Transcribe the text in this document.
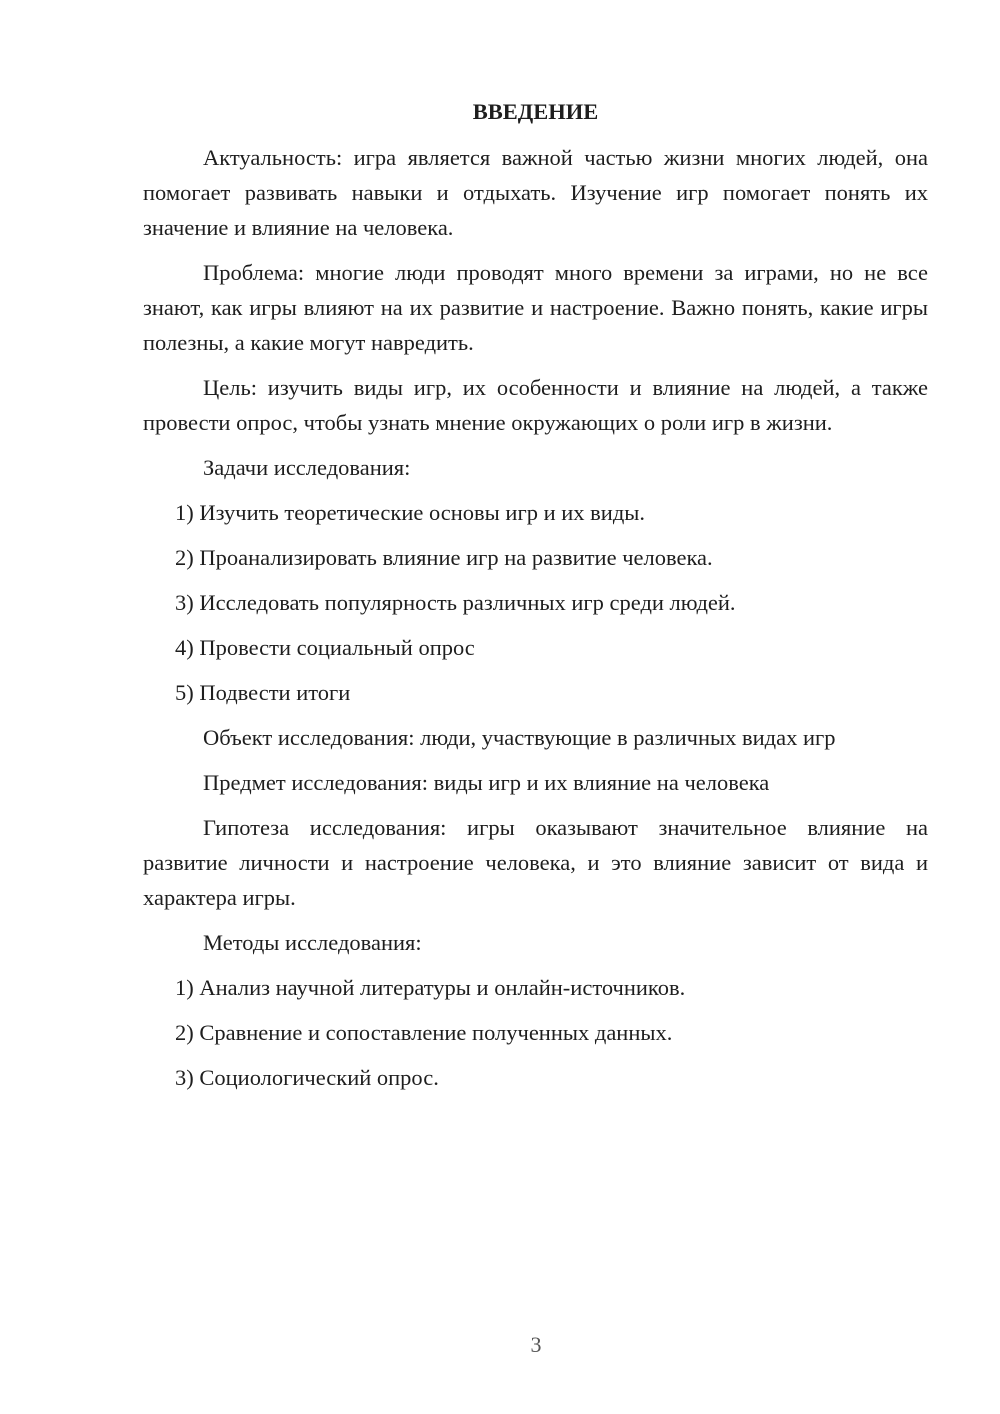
ВВЕДЕНИЕ

Актуальность: игра является важной частью жизни многих людей, она помогает развивать навыки и отдыхать. Изучение игр помогает понять их значение и влияние на человека.

Проблема: многие люди проводят много времени за играми, но не все знают, как игры влияют на их развитие и настроение. Важно понять, какие игры полезны, а какие могут навредить.

Цель: изучить виды игр, их особенности и влияние на людей, а также провести опрос, чтобы узнать мнение окружающих о роли игр в жизни.

Задачи исследования:

1) Изучить теоретические основы игр и их виды.

2) Проанализировать влияние игр на развитие человека.

3) Исследовать популярность различных игр среди людей.

4) Провести социальный опрос

5) Подвести итоги

Объект исследования: люди, участвующие в различных видах игр

Предмет исследования: виды игр и их влияние на человека

Гипотеза исследования: игры оказывают значительное влияние на развитие личности и настроение человека, и это влияние зависит от вида и характера игры.

Методы исследования:

1) Анализ научной литературы и онлайн-источников.

2) Сравнение и сопоставление полученных данных.

3) Социологический опрос.

3
